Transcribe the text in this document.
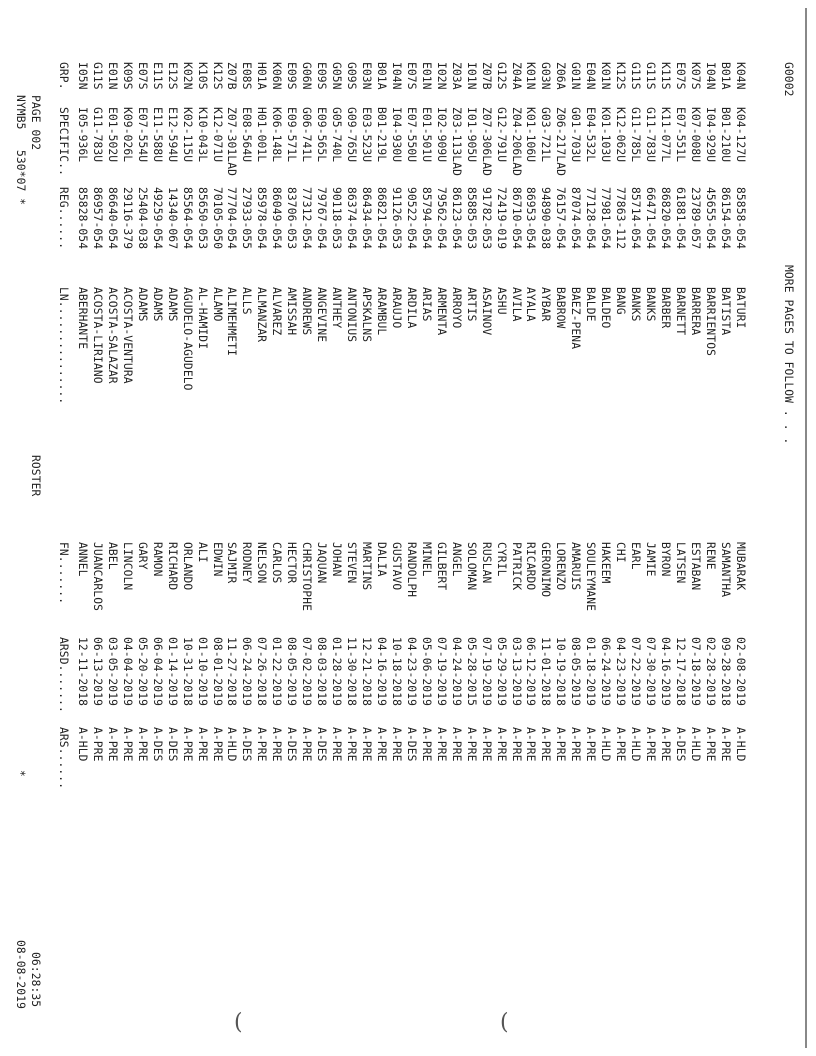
NYMB5
530*07 *
PAGE 002
ROSTER
*
08-08-2019 06:28:35
GRP.
SPECIFIC..
REG......
LN...............
FN.......
ARSD.......
ARS......
I05N
I05-936L
85828-054
ABERHANTE
ANNEL
12-11-2018
A-HLD
G11S
G11-783U
86957-054
ACOSTA-LIRIANO
JUANCARLOS
06-13-2019
A-PRE
E01N
E01-502U
86640-054
ACOSTA-SALAZAR
ABEL
03-05-2019
A-PRE
K09S
K09-026L
29116-379
ACOSTA-VENTURA
LINCOLN
04-04-2019
A-PRE
E07S
E07-554U
25404-038
ADAMS
GARY
05-20-2019
A-PRE
E11S
E11-588U
49259-054
ADAMS
RAMON
06-04-2019
A-DES
E12S
E12-594U
14340-067
ADAMS
RICHARD
01-14-2019
A-DES
K02N
K02-115U
85564-054
AGUDELO-AGUDELO
ORLANDO
10-31-2018
A-PRE
K10S
K10-043L
85650-053
AL-HAMIDI
ALI
01-10-2019
A-PRE
K12S
K12-071U
70105-050
ALAMO
EDWIN
08-01-2019
A-PRE
Z07B
Z07-301LAD
77704-054
ALIMEHMETI
SAJMIR
11-27-2018
A-HLD
E08S
E08-564U
27933-055
ALLS
RODNEY
06-24-2019
A-DES
H01A
H01-001L
85978-054
ALMANZAR
NELSON
07-26-2018
A-PRE
K06N
K06-148L
86049-054
ALVAREZ
CARLOS
01-22-2019
A-PRE
E09S
E09-571L
83706-053
AMISSAH
HECTOR
08-05-2019
A-DES
G06N
G06-741L
77312-054
ANDREWS
CHRISTOPHE
07-02-2019
A-PRE
E09S
E09-565L
79767-054
ANGEVINE
JAQUAN
08-03-2018
A-DES
G05N
G05-740L
90118-053
ANTHEY
JOHAN
01-28-2019
A-PRE
G09S
G09-765U
86374-054
ANTONIUS
STEVEN
11-30-2018
A-PRE
E03N
E03-523U
86434-054
APSKALNS
MARTINS
12-21-2018
A-PRE
B01A
B01-219L
86821-054
ARAMBUL
DALIA
04-16-2019
A-PRE
I04N
I04-930U
91126-053
ARAUJO
GUSTAVO
10-18-2018
A-PRE
E07S
E07-550U
90522-054
ARDILA
RANDOLPH
04-23-2019
A-DES
E01N
E01-501U
85794-054
ARIAS
MINEL
05-06-2019
A-PRE
I02N
I02-909U
79562-054
ARMENTA
GILBERT
07-19-2019
A-PRE
Z03A
Z03-113LAD
86123-054
ARROYO
ANGEL
04-24-2019
A-PRE
I01N
I01-905U
85885-053
ARTIS
SOLOMAN
05-28-2015
A-PRE
Z07B
Z07-306LAD
91782-053
ASAINOV
RUSLAN
07-19-2019
A-PRE
G12S
G12-791U
72419-019
ASHU
CYRIL
05-29-2019
A-PRE
Z04A
Z04-206LAD
86710-054
AVILA
PATRICK
03-13-2019
A-PRE
K01N
K01-106U
86953-054
AYALA
RICARDO
06-12-2019
A-PRE
G03N
G03-721L
94890-038
AYBAR
GERONIMO
11-01-2018
A-PRE
Z06A
Z06-217LAD
76157-054
BABROW
LORENZO
10-19-2018
A-PRE
G01N
G01-703U
87074-054
BAEZ-PENA
AMARUIS
08-05-2019
A-PRE
E04N
E04-532L
77128-054
BALDE
SOULEYMANE
01-18-2019
A-PRE
K01N
K01-103U
77981-054
BALDEO
HAKEEM
06-24-2019
A-HLD
K12S
K12-062U
77863-112
BANG
CHI
04-23-2019
A-PRE
G11S
G11-785L
85714-054
BANKS
EARL
07-22-2019
A-HLD
G11S
G11-783U
66471-054
BANKS
JAMIE
07-30-2019
A-PRE
K11S
K11-077L
86820-054
BARBER
BYRON
04-16-2019
A-PRE
E07S
E07-551L
61881-054
BARNETT
LATSEN
12-17-2018
A-DES
K07S
K07-008U
23789-057
BARRERA
ESTABAN
07-18-2019
A-HLD
I04N
I04-929U
45655-054
BARRIENTOS
RENE
02-28-2019
A-PRE
B01A
B01-210U
86154-054
BATISTA
SAMANTHA
09-28-2018
A-PRE
K04N
K04-127U
85858-054
BATURI
MUBARAK
02-08-2019
A-HLD
G0002
MORE PAGES TO FOLLOW . . .
(	(
